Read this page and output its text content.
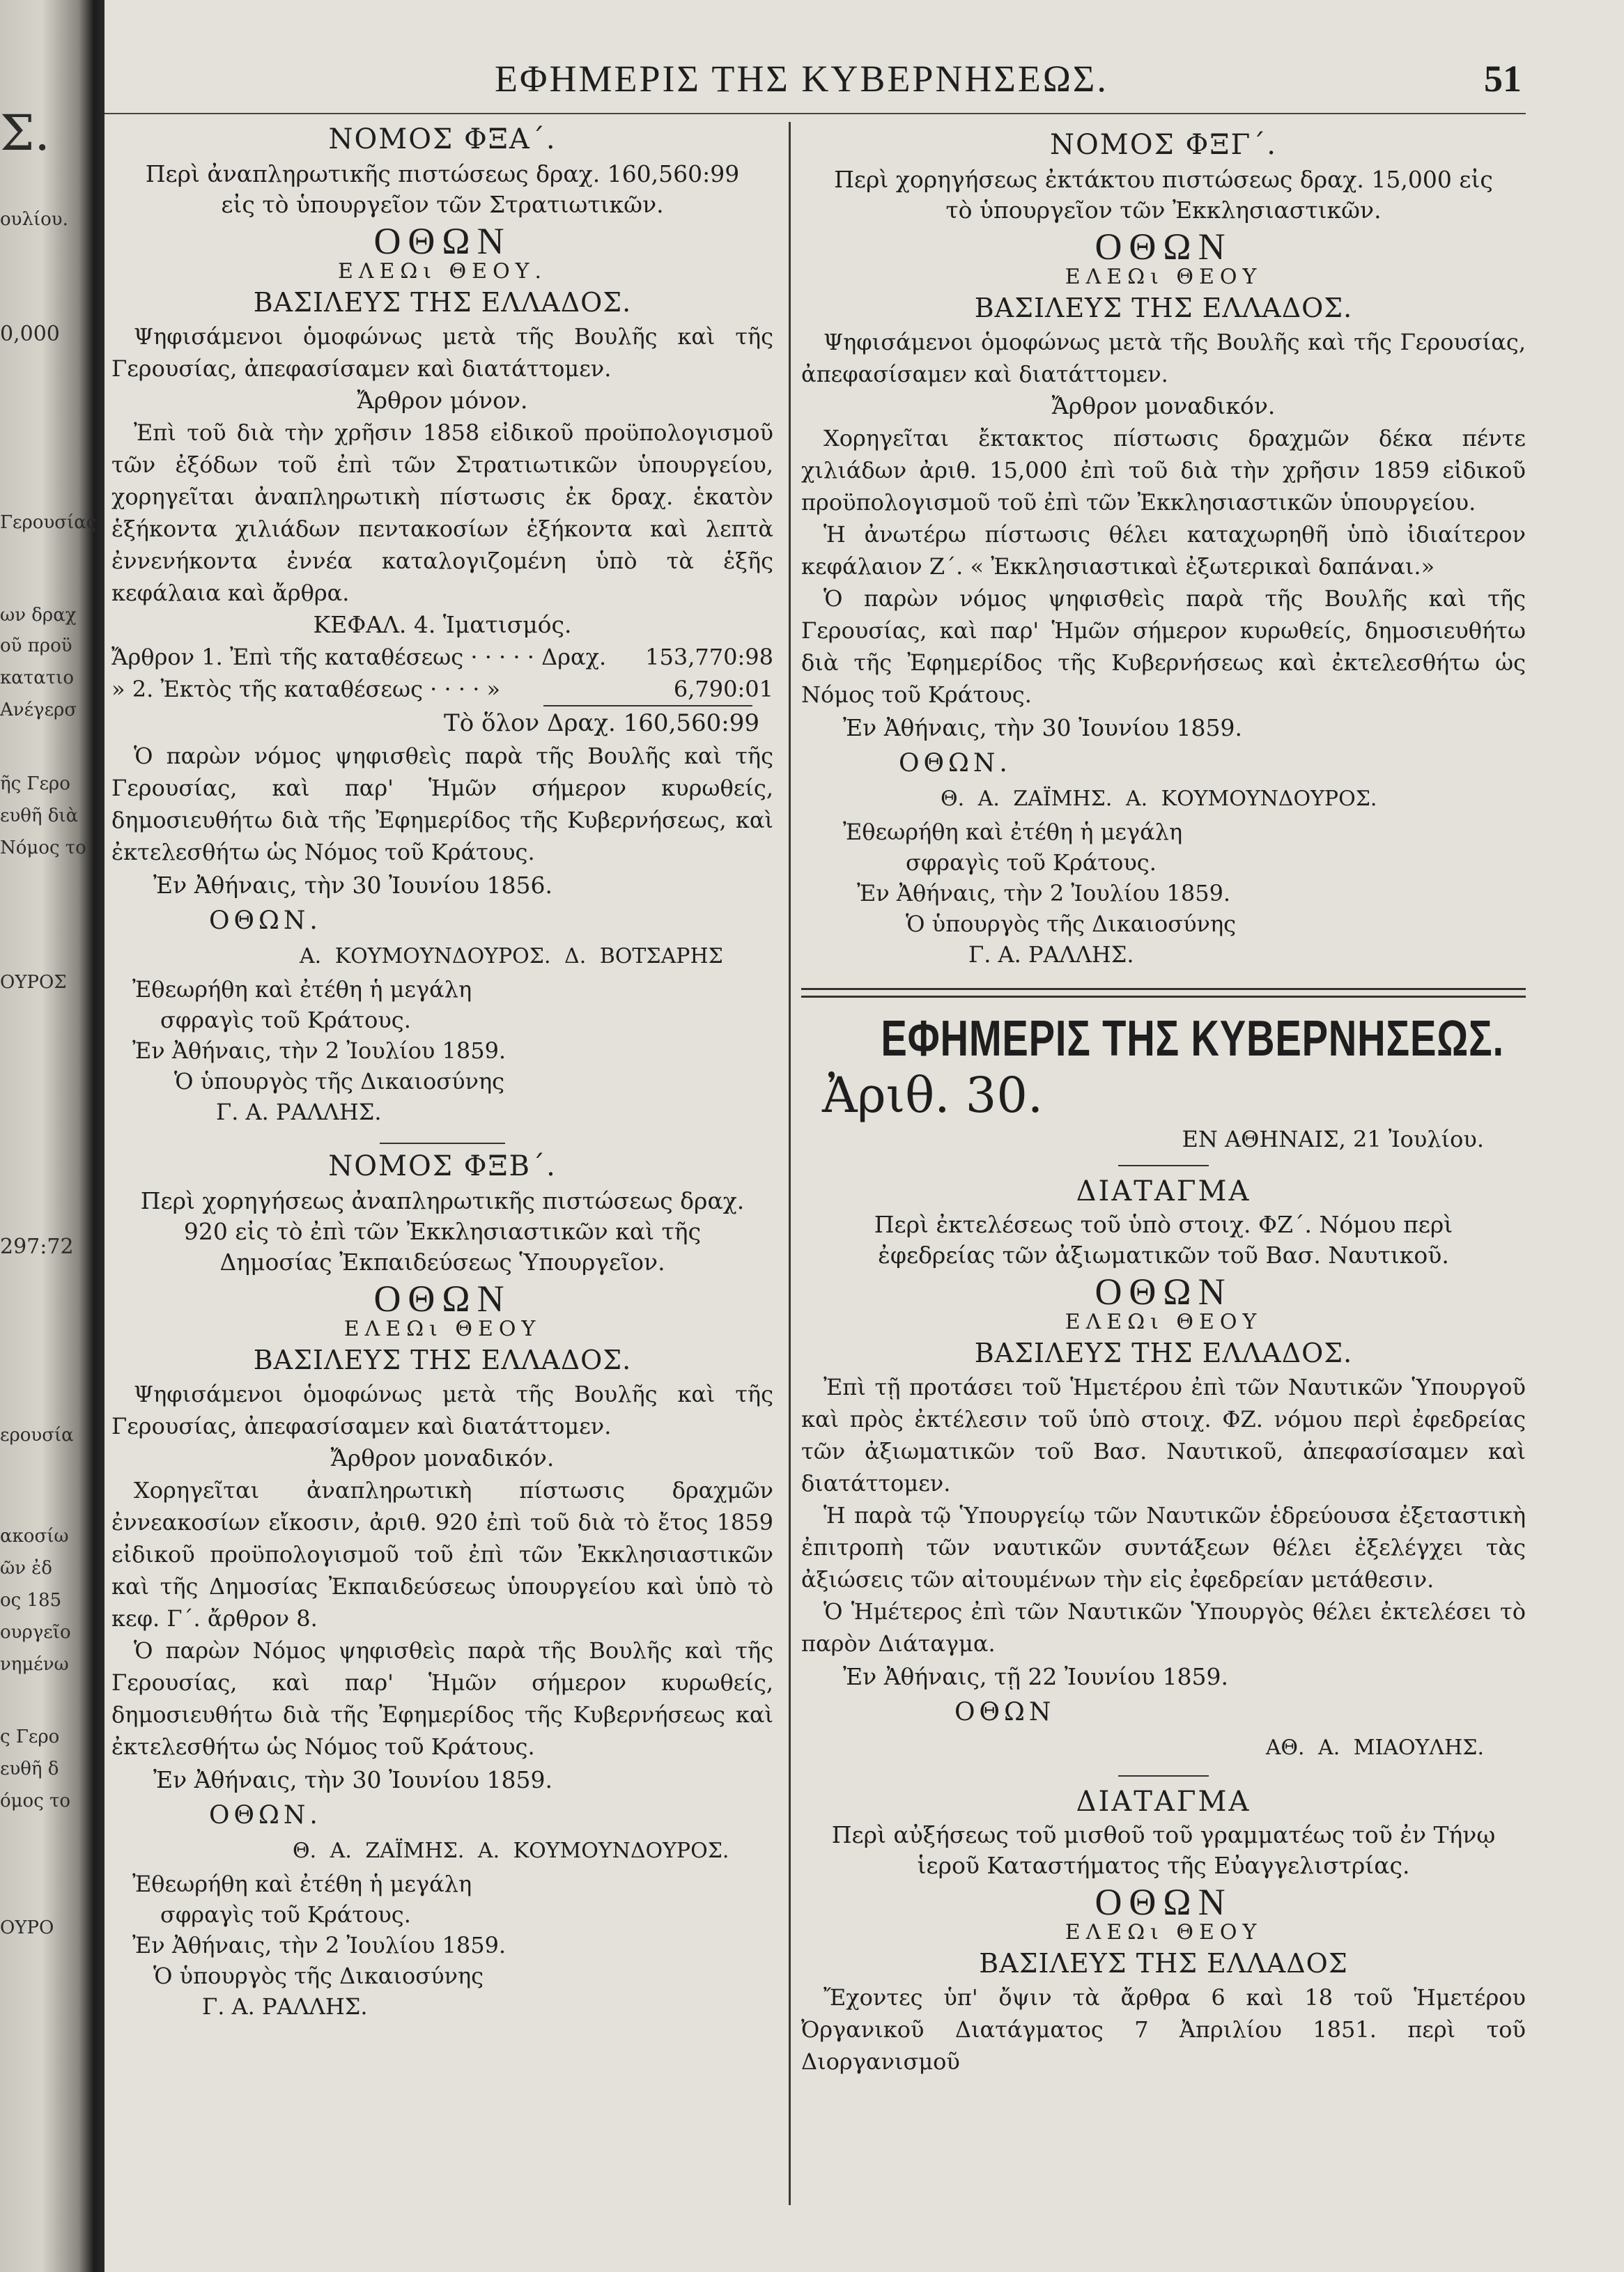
Σ.
ουλίου.
0,000
Γερουσίας
ων δραχ
οῦ προϋ
κατατιο
Ανέγερσ
ῆς Γερο
ευθῆ διὰ
Νόμος το
ΟΥΡΟΣ
297:72
ερουσία
ακοσίω
ῶν ἐδ
ος 185
ουργεῖο
νημένω
ς Γερο
ευθῆ δ
όμος το
ΟΥΡΟ
ΕΦΗΜΕΡΙΣ ΤΗΣ ΚΥΒΕΡΝΗΣΕΩΣ.	51
ΝΟΜΟΣ ΦΞΑ΄.
Περὶ ἀναπληρωτικῆς πιστώσεως δραχ. 160,560:99 εἰς τὸ ὑπουργεῖον τῶν Στρατιωτικῶν.
ΟΘΩΝ
ΕΛΕΩι ΘΕΟΥ.
ΒΑΣΙΛΕΥΣ ΤΗΣ ΕΛΛΑΔΟΣ.

Ψηφισάμενοι ὁμοφώνως μετὰ τῆς Βουλῆς καὶ τῆς Γερουσίας, ἀπεφασίσαμεν καὶ διατάττομεν.

Ἄρθρον μόνον.

Ἐπὶ τοῦ διὰ τὴν χρῆσιν 1858 εἰδικοῦ προϋπολογισμοῦ τῶν ἐξόδων τοῦ ἐπὶ τῶν Στρατιωτικῶν ὑπουργείου, χορηγεῖται ἀναπληρωτικὴ πίστωσις ἐκ δραχ. ἑκατὸν ἑξήκοντα χιλιάδων πεντακοσίων ἑξήκοντα καὶ λεπτὰ ἐννενήκοντα ἐννέα καταλογιζομένη ὑπὸ τὰ ἑξῆς κεφάλαια καὶ ἄρθρα.

ΚΕΦΑΛ. 4. Ἱματισμός.
Ἄρθρον 1. Ἐπὶ τῆς καταθέσεως · · · · · Δραχ. 153,770:98
» 2. Ἐκτὸς τῆς καταθέσεως · · · · »	6,790:01
Τὸ ὅλον Δραχ. 160,560:99

Ὁ παρὼν νόμος ψηφισθεὶς παρὰ τῆς Βουλῆς καὶ τῆς Γερουσίας, καὶ παρ' Ἡμῶν σήμερον κυρωθείς, δημοσιευθήτω διὰ τῆς Ἐφημερίδος τῆς Κυβερνήσεως, καὶ ἐκτελεσθήτω ὡς Νόμος τοῦ Κράτους.

Ἐν Ἀθήναις, τὴν 30 Ἰουνίου 1856.
ΟΘΩΝ.
Α. ΚΟΥΜΟΥΝΔΟΥΡΟΣ. Δ. ΒΟΤΣΑΡΗΣ
Ἐθεωρήθη καὶ ἐτέθη ἡ μεγάλη
σφραγὶς τοῦ Κράτους.
Ἐν Ἀθήναις, τὴν 2 Ἰουλίου 1859.
Ὁ ὑπουργὸς τῆς Δικαιοσύνης
Γ. Α. ΡΑΛΛΗΣ.
ΝΟΜΟΣ ΦΞΒ΄.
Περὶ χορηγήσεως ἀναπληρωτικῆς πιστώσεως δραχ. 920 εἰς τὸ ἐπὶ τῶν Ἐκκλησιαστικῶν καὶ τῆς Δημοσίας Ἐκπαιδεύσεως Ὑπουργεῖον.
ΟΘΩΝ
ΕΛΕΩι ΘΕΟΥ
ΒΑΣΙΛΕΥΣ ΤΗΣ ΕΛΛΑΔΟΣ.

Ψηφισάμενοι ὁμοφώνως μετὰ τῆς Βουλῆς καὶ τῆς Γερουσίας, ἀπεφασίσαμεν καὶ διατάττομεν.

Ἄρθρον μοναδικόν.

Χορηγεῖται ἀναπληρωτικὴ πίστωσις δραχμῶν ἐννεακοσίων εἴκοσιν, ἀριθ. 920 ἐπὶ τοῦ διὰ τὸ ἔτος 1859 εἰδικοῦ προϋπολογισμοῦ τοῦ ἐπὶ τῶν Ἐκκλησιαστικῶν καὶ τῆς Δημοσίας Ἐκπαιδεύσεως ὑπουργείου καὶ ὑπὸ τὸ κεφ. Γ΄. ἄρθρον 8.

Ὁ παρὼν Νόμος ψηφισθεὶς παρὰ τῆς Βουλῆς καὶ τῆς Γερουσίας, καὶ παρ' Ἡμῶν σήμερον κυρωθείς, δημοσιευθήτω διὰ τῆς Ἐφημερίδος τῆς Κυβερνήσεως καὶ ἐκτελεσθήτω ὡς Νόμος τοῦ Κράτους.

Ἐν Ἀθήναις, τὴν 30 Ἰουνίου 1859.
ΟΘΩΝ.
Θ. Α. ΖΑΪΜΗΣ. Α. ΚΟΥΜΟΥΝΔΟΥΡΟΣ.
Ἐθεωρήθη καὶ ἐτέθη ἡ μεγάλη
σφραγὶς τοῦ Κράτους.
Ἐν Ἀθήναις, τὴν 2 Ἰουλίου 1859.
Ὁ ὑπουργὸς τῆς Δικαιοσύνης
Γ. Α. ΡΑΛΛΗΣ.
ΝΟΜΟΣ ΦΞΓ΄.
Περὶ χορηγήσεως ἐκτάκτου πιστώσεως δραχ. 15,000 εἰς τὸ ὑπουργεῖον τῶν Ἐκκλησιαστικῶν.
ΟΘΩΝ
ΕΛΕΩι ΘΕΟΥ
ΒΑΣΙΛΕΥΣ ΤΗΣ ΕΛΛΑΔΟΣ.

Ψηφισάμενοι ὁμοφώνως μετὰ τῆς Βουλῆς καὶ τῆς Γερουσίας, ἀπεφασίσαμεν καὶ διατάττομεν.

Ἄρθρον μοναδικόν.

Χορηγεῖται ἔκτακτος πίστωσις δραχμῶν δέκα πέντε χιλιάδων ἀριθ. 15,000 ἐπὶ τοῦ διὰ τὴν χρῆσιν 1859 εἰδικοῦ προϋπολογισμοῦ τοῦ ἐπὶ τῶν Ἐκκλησιαστικῶν ὑπουργείου.

Ἡ ἀνωτέρω πίστωσις θέλει καταχωρηθῆ ὑπὸ ἰδιαίτερον κεφάλαιον Ζ΄. « Ἐκκλησιαστικαὶ ἐξωτερικαὶ δαπάναι.»

Ὁ παρὼν νόμος ψηφισθεὶς παρὰ τῆς Βουλῆς καὶ τῆς Γερουσίας, καὶ παρ' Ἡμῶν σήμερον κυρωθείς, δημοσιευθήτω διὰ τῆς Ἐφημερίδος τῆς Κυβερνήσεως καὶ ἐκτελεσθήτω ὡς Νόμος τοῦ Κράτους.

Ἐν Ἀθήναις, τὴν 30 Ἰουνίου 1859.
ΟΘΩΝ.
Θ. Α. ΖΑΪΜΗΣ. Α. ΚΟΥΜΟΥΝΔΟΥΡΟΣ.
Ἐθεωρήθη καὶ ἐτέθη ἡ μεγάλη
σφραγὶς τοῦ Κράτους.
Ἐν Ἀθήναις, τὴν 2 Ἰουλίου 1859.
Ὁ ὑπουργὸς τῆς Δικαιοσύνης
Γ. Α. ΡΑΛΛΗΣ.
ΕΦΗΜΕΡΙΣ ΤΗΣ ΚΥΒΕΡΝΗΣΕΩΣ.
Ἀριθ. 30.
ΕΝ ΑΘΗΝΑΙΣ, 21 Ἰουλίου.
ΔΙΑΤΑΓΜΑ
Περὶ ἐκτελέσεως τοῦ ὑπὸ στοιχ. ΦΖ΄. Νόμου περὶ ἐφεδρείας τῶν ἀξιωματικῶν τοῦ Βασ. Ναυτικοῦ.
ΟΘΩΝ
ΕΛΕΩι ΘΕΟΥ
ΒΑΣΙΛΕΥΣ ΤΗΣ ΕΛΛΑΔΟΣ.

Ἐπὶ τῇ προτάσει τοῦ Ἡμετέρου ἐπὶ τῶν Ναυτικῶν Ὑπουργοῦ καὶ πρὸς ἐκτέλεσιν τοῦ ὑπὸ στοιχ. ΦΖ. νόμου περὶ ἐφεδρείας τῶν ἀξιωματικῶν τοῦ Βασ. Ναυτικοῦ, ἀπεφασίσαμεν καὶ διατάττομεν.

Ἡ παρὰ τῷ Ὑπουργείῳ τῶν Ναυτικῶν ἑδρεύουσα ἐξεταστικὴ ἐπιτροπὴ τῶν ναυτικῶν συντάξεων θέλει ἐξελέγχει τὰς ἀξιώσεις τῶν αἰτουμένων τὴν εἰς ἐφεδρείαν μετάθεσιν.

Ὁ Ἡμέτερος ἐπὶ τῶν Ναυτικῶν Ὑπουργὸς θέλει ἐκτελέσει τὸ παρὸν Διάταγμα.

Ἐν Ἀθήναις, τῇ 22 Ἰουνίου 1859.
ΟΘΩΝ
ΑΘ. Α. ΜΙΑΟΥΛΗΣ.
ΔΙΑΤΑΓΜΑ
Περὶ αὐξήσεως τοῦ μισθοῦ τοῦ γραμματέως τοῦ ἐν Τήνῳ ἱεροῦ Καταστήματος τῆς Εὐαγγελιστρίας.
ΟΘΩΝ
ΕΛΕΩι ΘΕΟΥ
ΒΑΣΙΛΕΥΣ ΤΗΣ ΕΛΛΑΔΟΣ

Ἔχοντες ὑπ' ὄψιν τὰ ἄρθρα 6 καὶ 18 τοῦ Ἡμετέρου Ὀργανικοῦ Διατάγματος 7 Ἀπριλίου 1851. περὶ τοῦ Διοργανισμοῦ
